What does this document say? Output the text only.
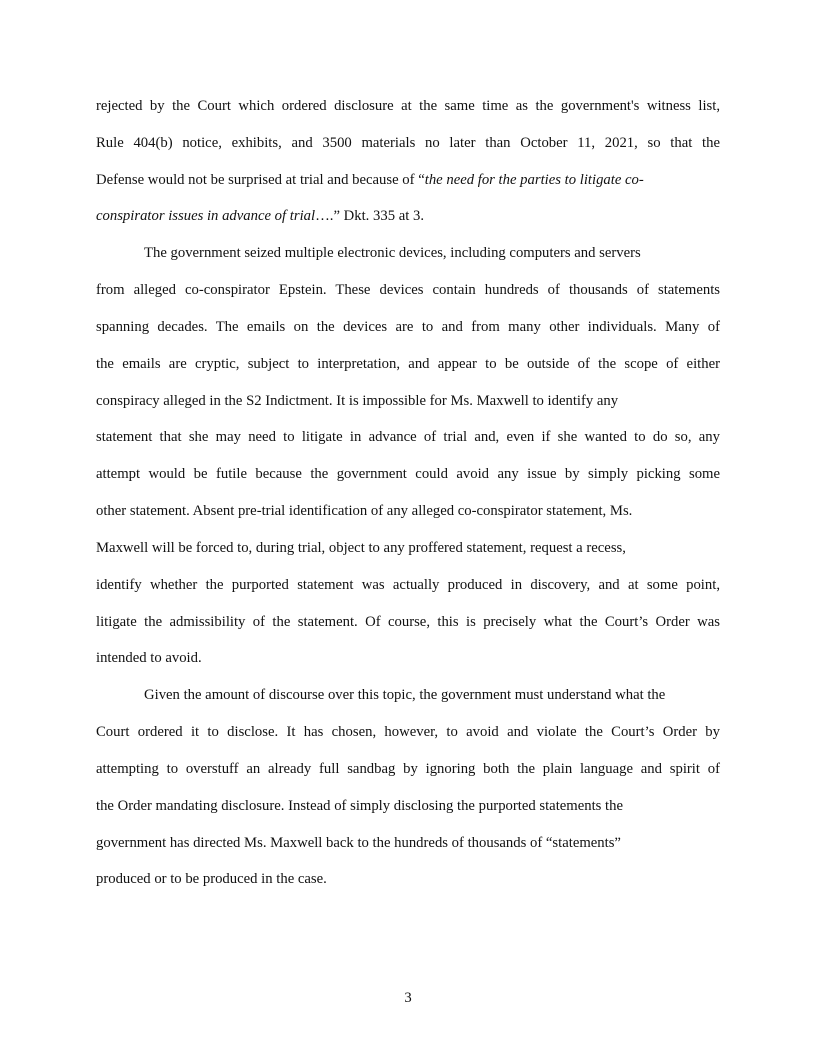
rejected by the Court which ordered disclosure at the same time as the government's witness list,
Rule 404(b) notice, exhibits, and 3500 materials no later than October 11, 2021, so that the
Defense would not be surprised at trial and because of “the need for the parties to litigate co-
conspirator issues in advance of trial….” Dkt. 335 at 3.
The government seized multiple electronic devices, including computers and servers
from alleged co-conspirator Epstein. These devices contain hundreds of thousands of statements
spanning decades. The emails on the devices are to and from many other individuals. Many of
the emails are cryptic, subject to interpretation, and appear to be outside of the scope of either
conspiracy alleged in the S2 Indictment. It is impossible for Ms. Maxwell to identify any
statement that she may need to litigate in advance of trial and, even if she wanted to do so, any
attempt would be futile because the government could avoid any issue by simply picking some
other statement. Absent pre-trial identification of any alleged co-conspirator statement, Ms.
Maxwell will be forced to, during trial, object to any proffered statement, request a recess,
identify whether the purported statement was actually produced in discovery, and at some point,
litigate the admissibility of the statement. Of course, this is precisely what the Court’s Order was
intended to avoid.
Given the amount of discourse over this topic, the government must understand what the
Court ordered it to disclose. It has chosen, however, to avoid and violate the Court’s Order by
attempting to overstuff an already full sandbag by ignoring both the plain language and spirit of
the Order mandating disclosure. Instead of simply disclosing the purported statements the
government has directed Ms. Maxwell back to the hundreds of thousands of “statements”
produced or to be produced in the case.
3
